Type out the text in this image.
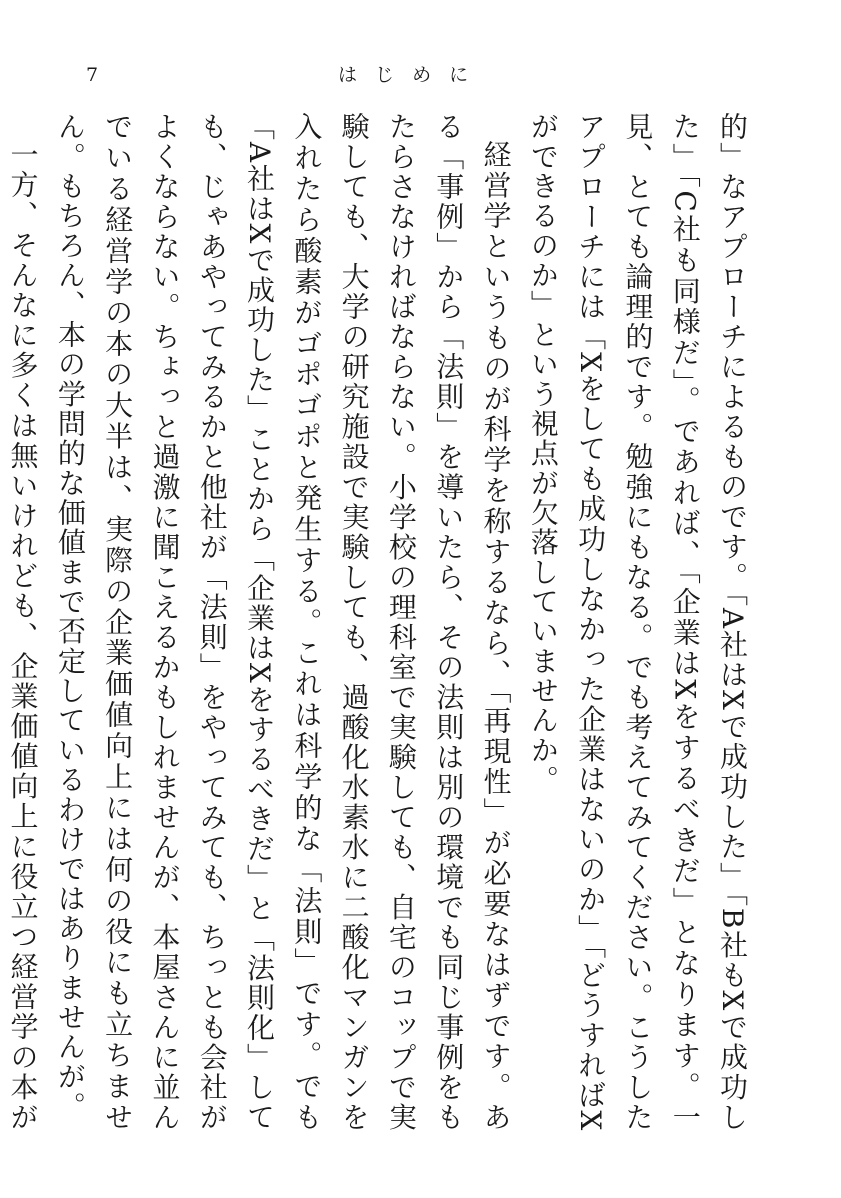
7	はじめに

的」なアプローチによるものです。「A社はXで成功した」「B社もXで成功した」「C社も同様だ」。であれば、「企業はXをするべきだ」となります。一見、とても論理的です。勉強にもなる。でも考えてみてください。こうしたアプローチには「Xをしても成功しなかった企業はないのか」「どうすればXができるのか」という視点が欠落していませんか。

経営学というものが科学を称するなら、「再現性」が必要なはずです。ある「事例」から「法則」を導いたら、その法則は別の環境でも同じ事例をもたらさなければならない。小学校の理科室で実験しても、自宅のコップで実験しても、大学の研究施設で実験しても、過酸化水素水に二酸化マンガンを入れたら酸素がゴポゴポと発生する。これは科学的な「法則」です。でも「A社はXで成功した」ことから「企業はXをするべきだ」と「法則化」しても、じゃあやってみるかと他社が「法則」をやってみても、ちっとも会社がよくならない。ちょっと過激に聞こえるかもしれませんが、本屋さんに並んでいる経営学の本の大半は、実際の企業価値向上には何の役にも立ちません。もちろん、本の学問的な価値まで否定しているわけではありませんが。

一方、そんなに多くは無いけれども、企業価値向上に役立つ経営学の本が
